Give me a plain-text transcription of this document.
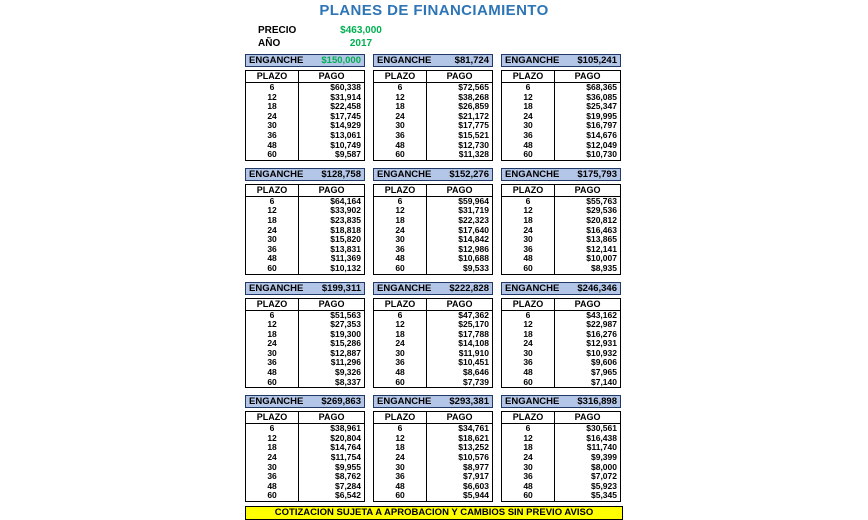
PLANES DE FINANCIAMIENTO
PRECIO	$463,000
AÑO	2017
ENGANCHE $150,000
PLAZO	PAGO
6	$60,338
12	$31,914
18	$22,458
24	$17,745
30	$14,929
36	$13,061
48	$10,749
60	$9,587
ENGANCHE $81,724
PLAZO	PAGO
6	$72,565
12	$38,268
18	$26,859
24	$21,172
30	$17,775
36	$15,521
48	$12,730
60	$11,328
ENGANCHE $105,241
PLAZO	PAGO
6	$68,365
12	$36,085
18	$25,347
24	$19,995
30	$16,797
36	$14,676
48	$12,049
60	$10,730
ENGANCHE $128,758
PLAZO	PAGO
6	$64,164
12	$33,902
18	$23,835
24	$18,818
30	$15,820
36	$13,831
48	$11,369
60	$10,132
ENGANCHE $152,276
PLAZO	PAGO
6	$59,964
12	$31,719
18	$22,323
24	$17,640
30	$14,842
36	$12,986
48	$10,688
60	$9,533
ENGANCHE $175,793
PLAZO	PAGO
6	$55,763
12	$29,536
18	$20,812
24	$16,463
30	$13,865
36	$12,141
48	$10,007
60	$8,935
ENGANCHE $199,311
PLAZO	PAGO
6	$51,563
12	$27,353
18	$19,300
24	$15,286
30	$12,887
36	$11,296
48	$9,326
60	$8,337
ENGANCHE $222,828
PLAZO	PAGO
6	$47,362
12	$25,170
18	$17,788
24	$14,108
30	$11,910
36	$10,451
48	$8,646
60	$7,739
ENGANCHE $246,346
PLAZO	PAGO
6	$43,162
12	$22,987
18	$16,276
24	$12,931
30	$10,932
36	$9,606
48	$7,965
60	$7,140
ENGANCHE $269,863
PLAZO	PAGO
6	$38,961
12	$20,804
18	$14,764
24	$11,754
30	$9,955
36	$8,762
48	$7,284
60	$6,542
ENGANCHE $293,381
PLAZO	PAGO
6	$34,761
12	$18,621
18	$13,252
24	$10,576
30	$8,977
36	$7,917
48	$6,603
60	$5,944
ENGANCHE $316,898
PLAZO	PAGO
6	$30,561
12	$16,438
18	$11,740
24	$9,399
30	$8,000
36	$7,072
48	$5,923
60	$5,345
COTIZACION SUJETA A APROBACION Y CAMBIOS SIN PREVIO AVISO
